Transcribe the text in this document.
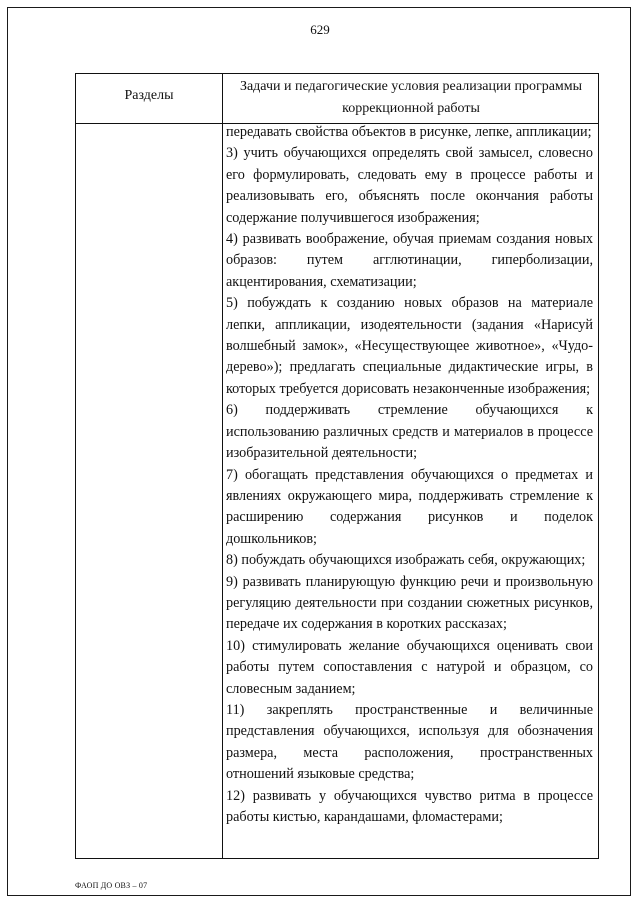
629
Разделы
Задачи и педагогические условия реализации программы коррекционной работы

передавать свойства объектов в рисунке, лепке, аппликации;

3) учить обучающихся определять свой замысел, словесно его формулировать, следовать ему в процессе работы и реализовывать его, объяснять после окончания работы содержание получившегося изображения;

4) развивать воображение, обучая приемам создания новых образов: путем агглютинации, гиперболизации, акцентирования, схематизации;

5) побуждать к созданию новых образов на материале лепки, аппликации, изодеятельности (задания «Нарисуй волшебный замок», «Несуществующее животное», «Чудо-дерево»); предлагать специальные дидактические игры, в которых требуется дорисовать незаконченные изображения;

6) поддерживать стремление обучающихся к использованию различных средств и материалов в процессе изобразительной деятельности;

7) обогащать представления обучающихся о предметах и явлениях окружающего мира, поддерживать стремление к расширению содержания рисунков и поделок дошкольников;

8) побуждать обучающихся изображать себя, окружающих;

9) развивать планирующую функцию речи и произвольную регуляцию деятельности при создании сюжетных рисунков, передаче их содержания в коротких рассказах;

10) стимулировать желание обучающихся оценивать свои работы путем сопоставления с натурой и образцом, со словесным заданием;

11) закреплять пространственные и величинные представления обучающихся, используя для обозначения размера, места расположения, пространственных отношений языковые средства;

12) развивать у обучающихся чувство ритма в процессе работы кистью, карандашами, фломастерами;

ФАОП ДО ОВЗ – 07
